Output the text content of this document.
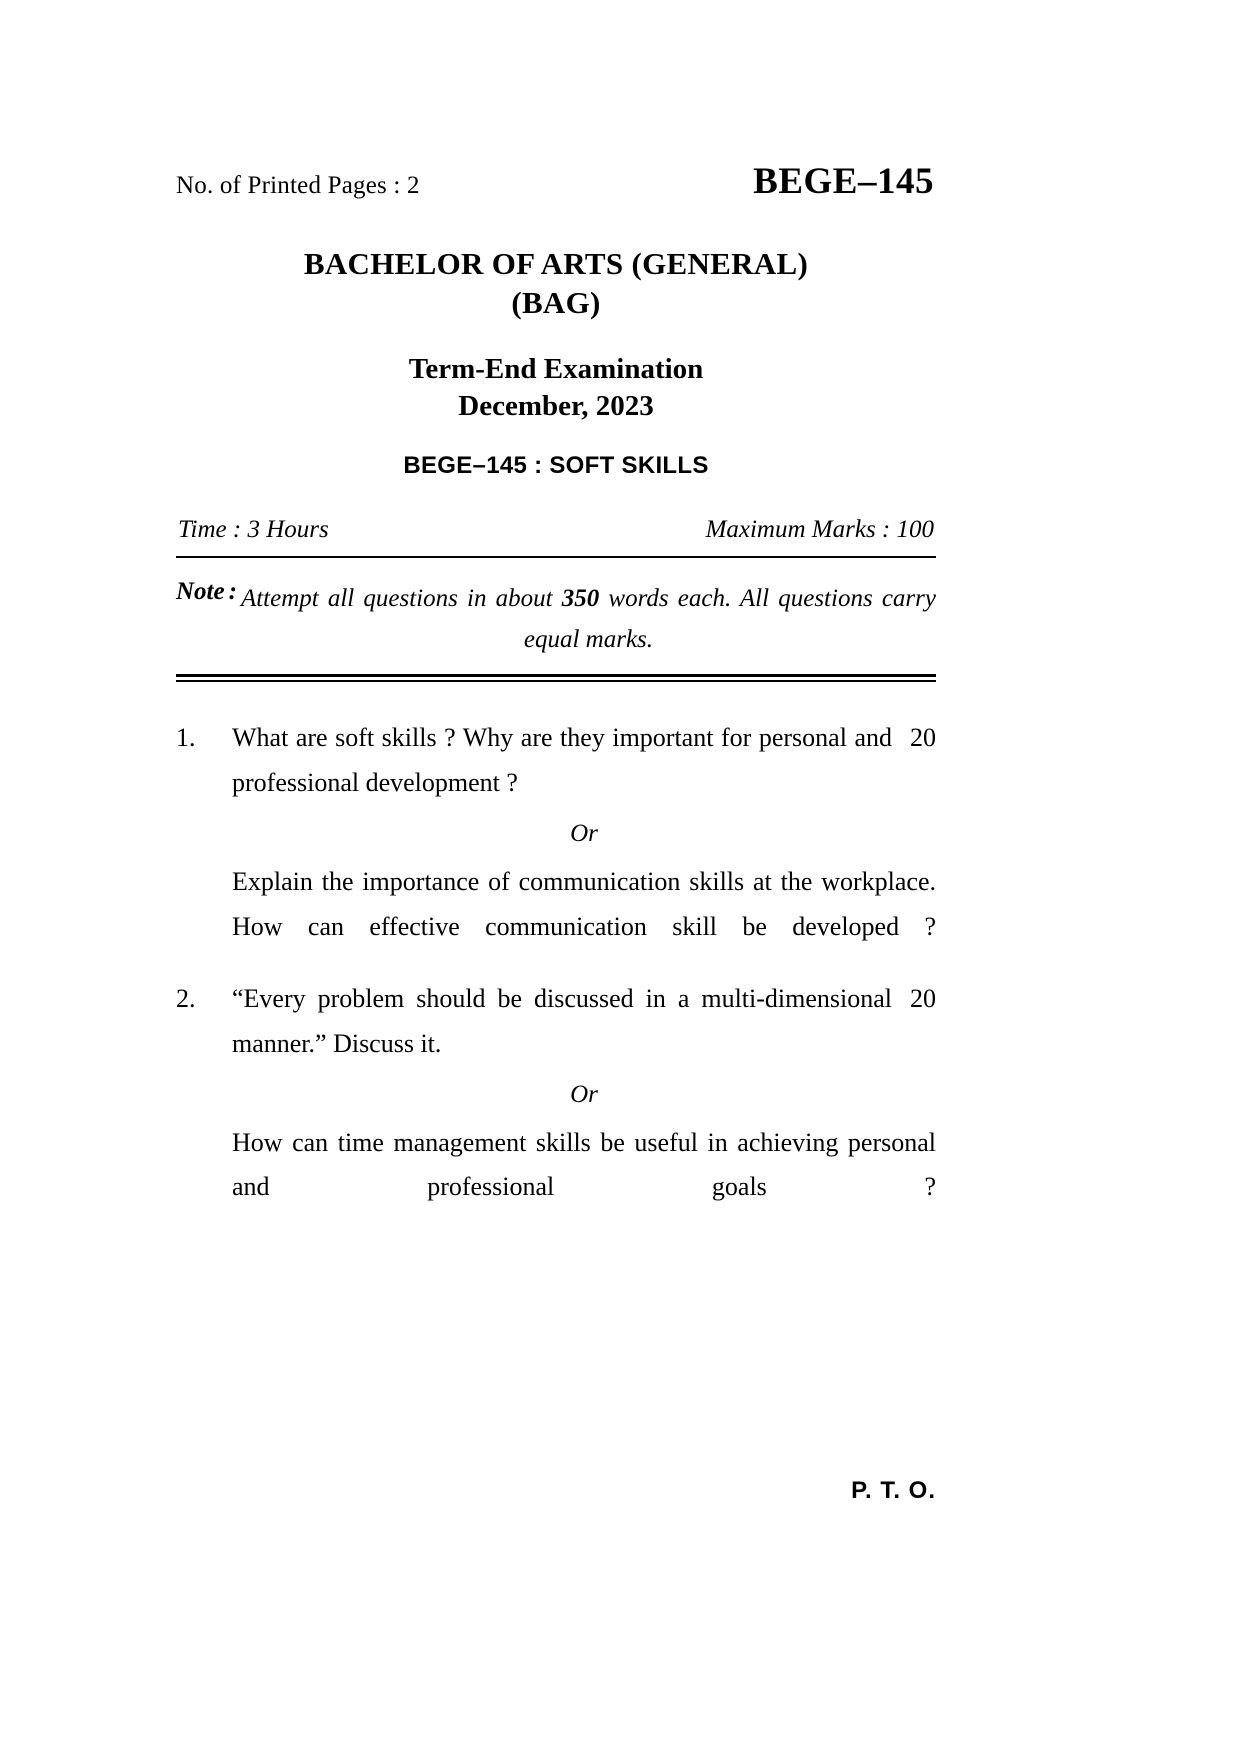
No. of Printed Pages : 2	BEGE–145
BACHELOR OF ARTS (GENERAL)
(BAG)
Term-End Examination
December, 2023
BEGE–145 : SOFT SKILLS
Time : 3 Hours	Maximum Marks : 100
Note : Attempt all questions in about 350 words each. All questions carry equal marks.
1.	20
What are soft skills ? Why are they important for personal and professional development ?
Or
Explain the importance of communication skills at the workplace. How can effective communication skill be developed ?
2.	20
“Every problem should be discussed in a multi-dimensional manner.” Discuss it.
Or
How can time management skills be useful in achieving personal and professional goals ?
P. T. O.
